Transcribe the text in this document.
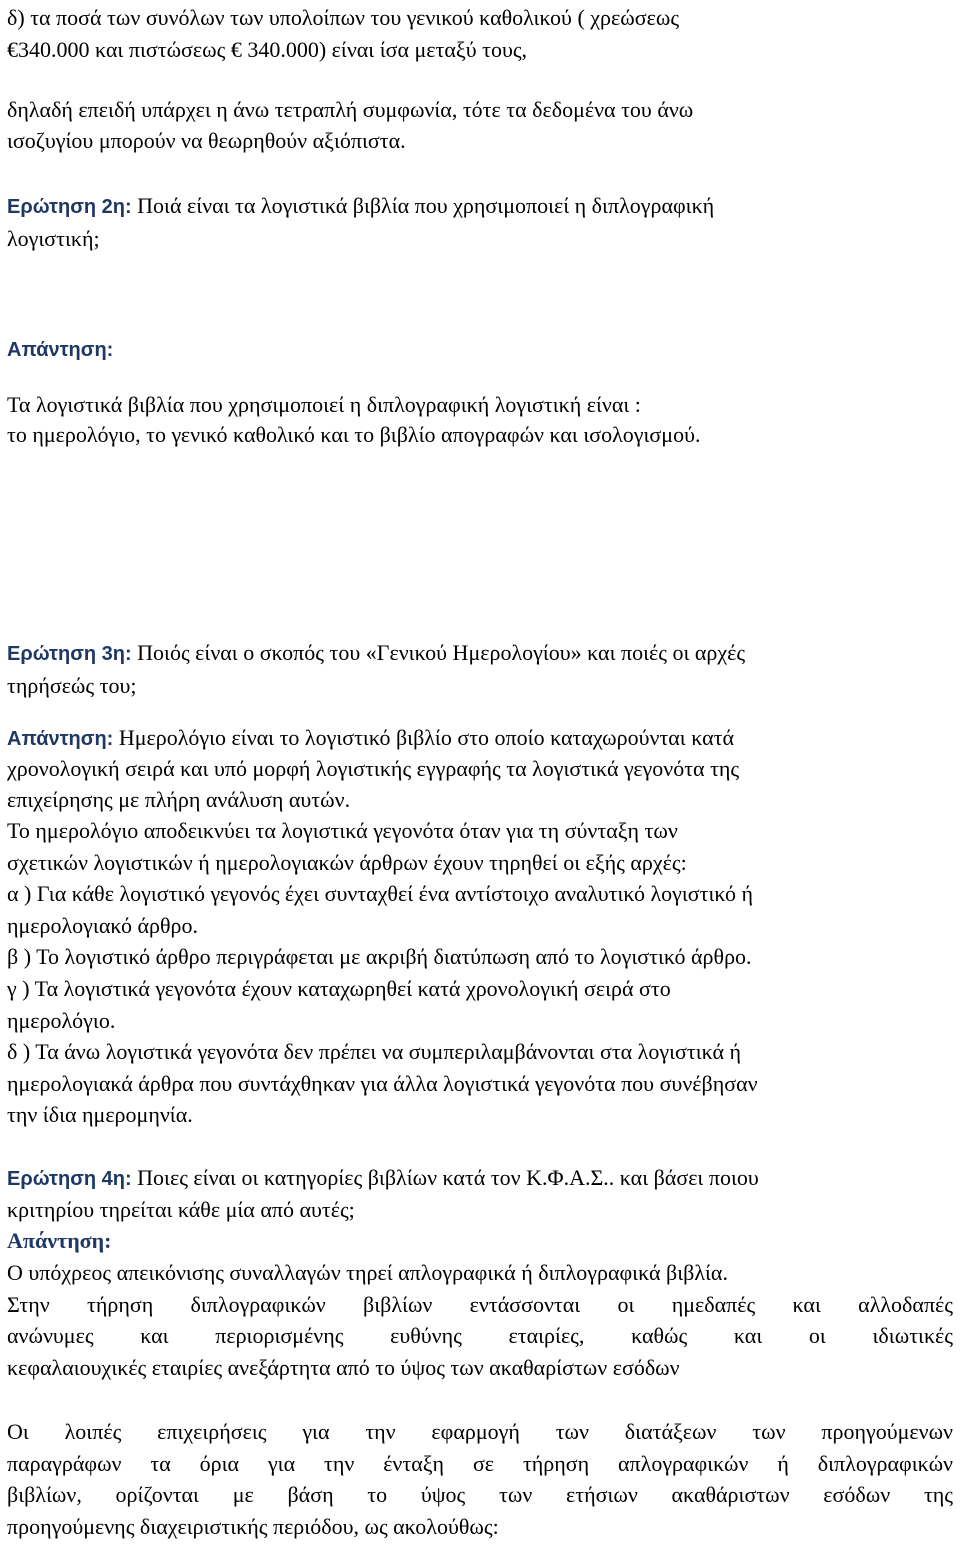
δ) τα ποσά των συνόλων των υπολοίπων του γενικού καθολικού ( χρεώσεως
€340.000 και πιστώσεως € 340.000) είναι ίσα μεταξύ τους,
δηλαδή επειδή υπάρχει η άνω τετραπλή συμφωνία, τότε τα δεδομένα του άνω
ισοζυγίου μπορούν να θεωρηθούν αξιόπιστα.
Ερώτηση 2η: Ποιά είναι τα λογιστικά βιβλία που χρησιμοποιεί η διπλογραφική
λογιστική;
Απάντηση:
Τα λογιστικά βιβλία που χρησιμοποιεί η διπλογραφική λογιστική είναι :
το ημερολόγιο, το γενικό καθολικό και το βιβλίο απογραφών και ισολογισμού.
Ερώτηση 3η: Ποιός είναι ο σκοπός του «Γενικού Ημερολογίου» και ποιές οι αρχές
τηρήσεώς του;
Απάντηση: Ημερολόγιο είναι το λογιστικό βιβλίο στο οποίο καταχωρούνται κατά
χρονολογική σειρά και υπό μορφή λογιστικής εγγραφής τα λογιστικά γεγονότα της
επιχείρησης με πλήρη ανάλυση αυτών.
Το ημερολόγιο αποδεικνύει τα λογιστικά γεγονότα όταν για τη σύνταξη των
σχετικών λογιστικών ή ημερολογιακών άρθρων έχουν τηρηθεί οι εξής αρχές:
α ) Για κάθε λογιστικό γεγονός έχει συνταχθεί ένα αντίστοιχο αναλυτικό λογιστικό ή
ημερολογιακό άρθρο.
β ) Το λογιστικό άρθρο περιγράφεται με ακριβή διατύπωση από το λογιστικό άρθρο.
γ ) Τα λογιστικά γεγονότα έχουν καταχωρηθεί κατά χρονολογική σειρά στο
ημερολόγιο.
δ ) Τα άνω λογιστικά γεγονότα δεν πρέπει να συμπεριλαμβάνονται στα λογιστικά ή
ημερολογιακά άρθρα που συντάχθηκαν για άλλα λογιστικά γεγονότα που συνέβησαν
την ίδια ημερομηνία.
Ερώτηση 4η: Ποιες είναι οι κατηγορίες βιβλίων κατά τον Κ.Φ.Α.Σ.. και βάσει ποιου
κριτηρίου τηρείται κάθε μία από αυτές;
Απάντηση:
Ο υπόχρεος απεικόνισης συναλλαγών τηρεί απλογραφικά ή διπλογραφικά βιβλία.
Στην τήρηση διπλογραφικών βιβλίων εντάσσονται οι ημεδαπές και αλλοδαπές
ανώνυμες και περιορισμένης ευθύνης εταιρίες, καθώς και οι ιδιωτικές
κεφαλαιουχικές εταιρίες ανεξάρτητα από το ύψος των ακαθαρίστων εσόδων
Οι λοιπές επιχειρήσεις για την εφαρμογή των διατάξεων των προηγούμενων
παραγράφων τα όρια για την ένταξη σε τήρηση απλογραφικών ή διπλογραφικών
βιβλίων, ορίζονται με βάση το ύψος των ετήσιων ακαθάριστων εσόδων της
προηγούμενης διαχειριστικής περιόδου, ως ακολούθως:
